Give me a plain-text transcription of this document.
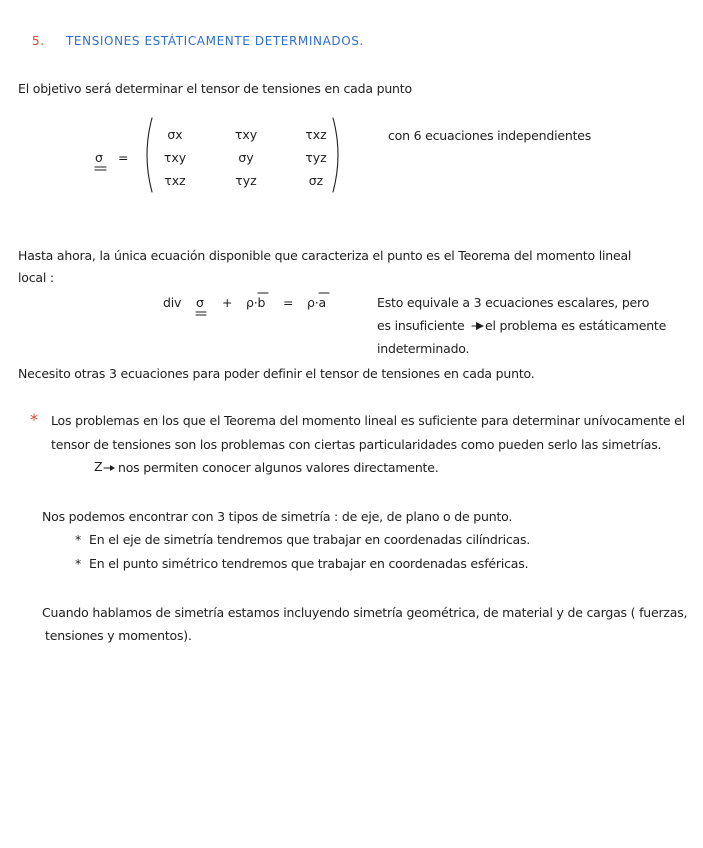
5. TENSIONES ESTÁTICAMENTE DETERMINADOS.
El objetivo será determinar el tensor de tensiones en cada punto
σ =
σx	τxy	τxz
τxy	σy	τyz
τxz	τyz	σz
con 6 ecuaciones independientes
Hasta ahora, la única ecuación disponible que caracteriza el punto es el Teorema del momento lineal
local :
div σ + ρ·b = ρ·a	Esto equivale a 3 ecuaciones escalares, pero
es insuficiente el problema es estáticamente
indeterminado.
Necesito otras 3 ecuaciones para poder definir el tensor de tensiones en cada punto.
* Los problemas en los que el Teorema del momento lineal es suficiente para determinar unívocamente el
tensor de tensiones son los problemas con ciertas particularidades como pueden serlo las simetrías.
Z nos permiten conocer algunos valores directamente.
Nos podemos encontrar con 3 tipos de simetría : de eje, de plano o de punto.
* En el eje de simetría tendremos que trabajar en coordenadas cilíndricas.
* En el punto simétrico tendremos que trabajar en coordenadas esféricas.
Cuando hablamos de simetría estamos incluyendo simetría geométrica, de material y de cargas ( fuerzas,
tensiones y momentos).
